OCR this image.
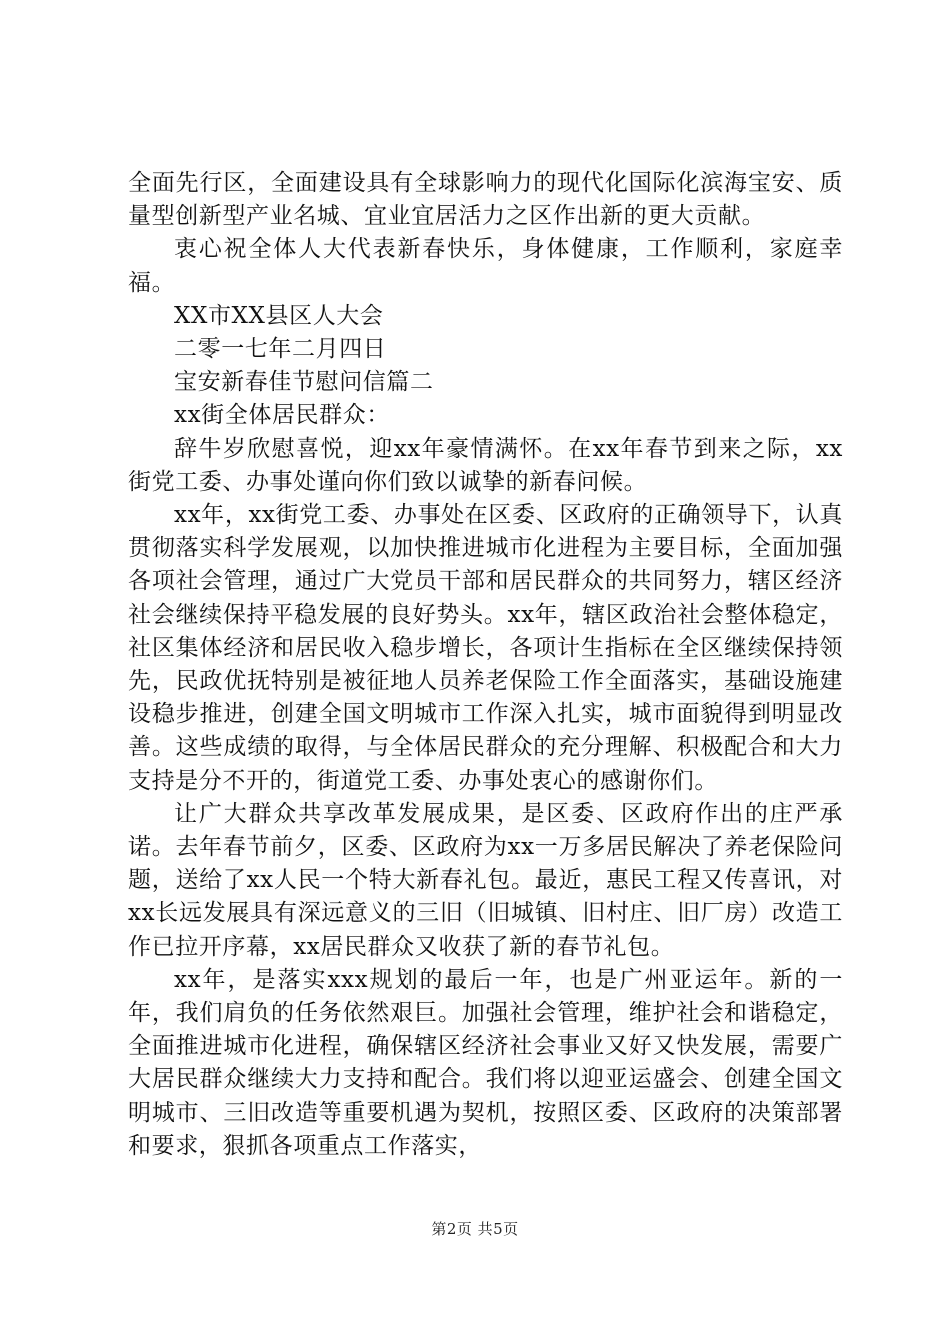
全面先行区，全面建设具有全球影响力的现代化国际化滨海宝安、质量型创新型产业名城、宜业宜居活力之区作出新的更大贡献。

衷心祝全体人大代表新春快乐，身体健康，工作顺利，家庭幸福。

XX市XX县区人大会

二零一七年二月四日

宝安新春佳节慰问信篇二

xx街全体居民群众：

辞牛岁欣慰喜悦，迎xx年豪情满怀。在xx年春节到来之际，xx街党工委、办事处谨向你们致以诚挚的新春问候。

xx年，xx街党工委、办事处在区委、区政府的正确领导下，认真贯彻落实科学发展观，以加快推进城市化进程为主要目标，全面加强各项社会管理，通过广大党员干部和居民群众的共同努力，辖区经济社会继续保持平稳发展的良好势头。xx年，辖区政治社会整体稳定，社区集体经济和居民收入稳步增长，各项计生指标在全区继续保持领先，民政优抚特别是被征地人员养老保险工作全面落实，基础设施建设稳步推进，创建全国文明城市工作深入扎实，城市面貌得到明显改善。这些成绩的取得，与全体居民群众的充分理解、积极配合和大力支持是分不开的，街道党工委、办事处衷心的感谢你们。

让广大群众共享改革发展成果，是区委、区政府作出的庄严承诺。去年春节前夕，区委、区政府为xx一万多居民解决了养老保险问题，送给了xx人民一个特大新春礼包。最近，惠民工程又传喜讯，对xx长远发展具有深远意义的三旧（旧城镇、旧村庄、旧厂房）改造工作已拉开序幕，xx居民群众又收获了新的春节礼包。

xx年，是落实xxx规划的最后一年，也是广州亚运年。新的一年，我们肩负的任务依然艰巨。加强社会管理，维护社会和谐稳定，全面推进城市化进程，确保辖区经济社会事业又好又快发展，需要广大居民群众继续大力支持和配合。我们将以迎亚运盛会、创建全国文明城市、三旧改造等重要机遇为契机，按照区委、区政府的决策部署和要求，狠抓各项重点工作落实，

第2页 共5页
